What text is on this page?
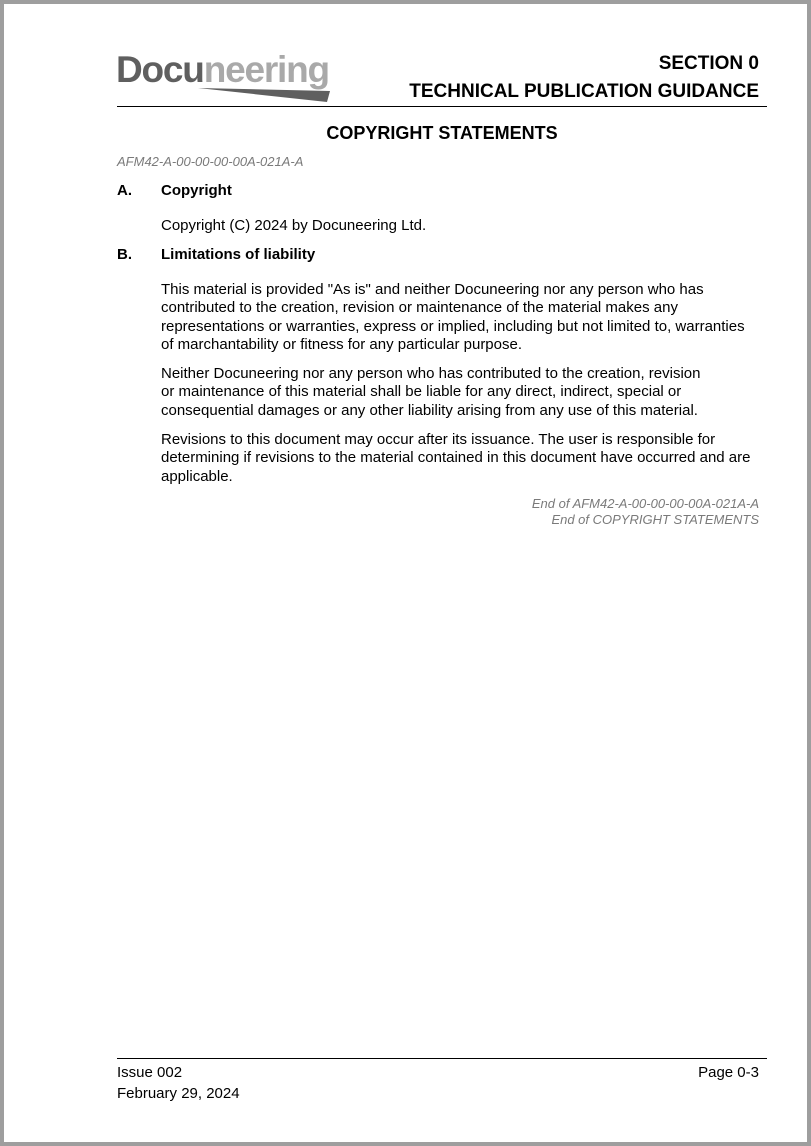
Docuneering	SECTION 0
TECHNICAL PUBLICATION GUIDANCE
COPYRIGHT STATEMENTS
AFM42-A-00-00-00-00A-021A-A
A. Copyright
Copyright (C) 2024 by Docuneering Ltd.
B. Limitations of liability
This material is provided "As is" and neither Docuneering nor any person who has
contributed to the creation, revision or maintenance of the material makes any
representations or warranties, express or implied, including but not limited to, warranties
of marchantability or fitness for any particular purpose.
Neither Docuneering nor any person who has contributed to the creation, revision
or maintenance of this material shall be liable for any direct, indirect, special or
consequential damages or any other liability arising from any use of this material.
Revisions to this document may occur after its issuance. The user is responsible for
determining if revisions to the material contained in this document have occurred and are
applicable.
End of AFM42-A-00-00-00-00A-021A-A
End of COPYRIGHT STATEMENTS
Issue 002
February 29, 2024
Page 0-3
